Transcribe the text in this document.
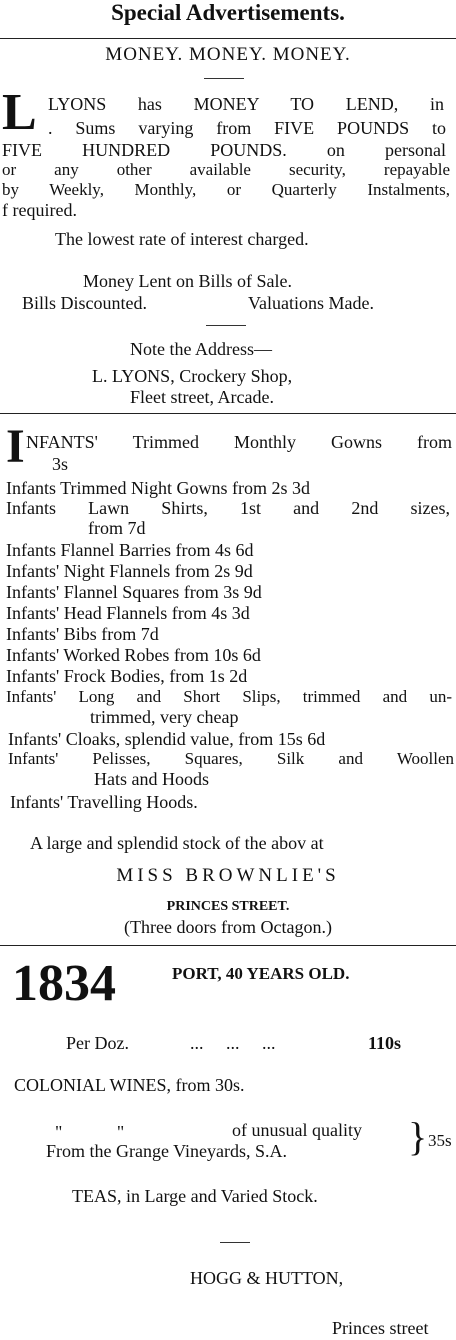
Special Advertisements.
MONEY. MONEY. MONEY.
L LYONS has MONEY TO LEND, in
. Sums varying from FIVE POUNDS to
FIVE HUNDRED POUNDS. on personal
or any other available security, repayable
by Weekly, Monthly, or Quarterly Instalments,
f required.
The lowest rate of interest charged.
Money Lent on Bills of Sale.
Bills Discounted.	Valuations Made.
Note the Address—
L. LYONS, Crockery Shop,
Fleet street, Arcade.
I NFANTS' Trimmed Monthly Gowns from
3s
Infants Trimmed Night Gowns from 2s 3d
Infants Lawn Shirts, 1st and 2nd sizes,
from 7d
Infants Flannel Barries from 4s 6d
Infants' Night Flannels from 2s 9d
Infants' Flannel Squares from 3s 9d
Infants' Head Flannels from 4s 3d
Infants' Bibs from 7d
Infants' Worked Robes from 10s 6d
Infants' Frock Bodies, from 1s 2d
Infants' Long and Short Slips, trimmed and un-
trimmed, very cheap
Infants' Cloaks, splendid value, from 15s 6d
Infants' Pelisses, Squares, Silk and Woollen
Hats and Hoods
Infants' Travelling Hoods.
A large and splendid stock of the abov at
MISS BROWNLIE'S
PRINCES STREET.
(Three doors from Octagon.)
1834	PORT, 40 YEARS OLD.
Per Doz.	... ... ...	110s
COLONIAL WINES, from 30s.
" "	of unusual quality
From the Grange Vineyards, S.A.	} 35s
TEAS, in Large and Varied Stock.
HOGG & HUTTON,
Princes street
